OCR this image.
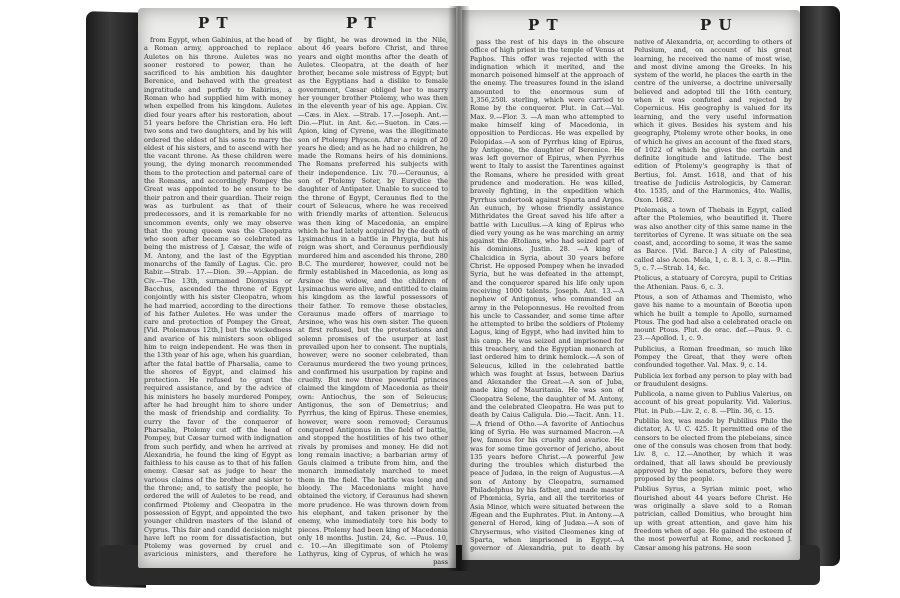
P T	P T

from Egypt, when Gabinius, at the head of a Roman army, approached to replace Auletes on his throne. Auletes was no sooner restored to power, than he sacrificed to his ambition his daughter Berenice, and behaved with the greatest ingratitude and perfidy to Rabirius, a Roman who had supplied him with money when expelled from his kingdom. Auletes died four years after his restoration, about 51 years before the Christian era. He left two sons and two daughters, and by his will ordered the eldest of his sons to marry the eldest of his sisters, and to ascend with her the vacant throne. As these children were young, the dying monarch recommended them to the protection and paternal care of the Romans, and accordingly Pompey the Great was appointed to be ensure to be their patron and their guardian. Their reign was as turbulent as that of their predecessors, and it is remarkable for no uncommon events, only we may observe that the young queen was the Cleopatra who soon after became so celebrated as being the mistress of J. Cæsar, the wife of M. Antony, and the last of the Egyptian monarchs of the family of Lagus. Cic. pro Rabir.—Strab. 17.—Dion. 39.—Appian. de Civ.—The 13th, surnamed Dionysius or Bacchus, ascended the throne of Egypt conjointly with his sister Cleopatra, whom he had married, according to the directions of his father Auletes. He was under the care and protection of Pompey the Great, [Vid. Ptolemæus 12th,] but the wickedness and avarice of his ministers soon obliged him to reign independent. He was then in the 13th year of his age, when his guardian, after the fatal battle of Pharsalia, came to the shores of Egypt, and claimed his protection. He refused to grant the required assistance, and by the advice of his ministers he basely murdered Pompey, after he had brought him to shore under the mask of friendship and cordiality. To curry the favor of the conqueror of Pharsalia, Ptolemy cut off the head of Pompey, but Cæsar turned with indignation from such perfidy, and when he arrived at Alexandria, he found the king of Egypt as faithless to his cause as to that of his fallen enemy. Cæsar sat as judge to hear the various claims of the brother and sister to the throne; and, to satisfy the people, he ordered the will of Auletes to be read, and confirmed Ptolemy and Cleopatra in the possession of Egypt, and appointed the two younger children masters of the island of Cyprus. This fair and candid decision might have left no room for dissatisfaction, but Ptolemy was governed by cruel and avaricious ministers, and therefore he

by flight, he was drowned in the Nile, about 46 years before Christ, and three years and eight months after the death of Auletes. Cleopatra, at the death of her brother, became sole mistress of Egypt; but as the Egyptians had a dislike to female government, Cæsar obliged her to marry her younger brother Ptolemy, who was then in the eleventh year of his age. Appian. Civ.—Cæs. in Alex. —Strab. 17.—Joseph. Ant.—Dio.—Plut. in Ant. &c.—Sueton. in Cæs.—Apion, king of Cyrene, was the illegitimate son of Ptolemy Physcon. After a reign of 20 years he died; and as he had no children, he made the Romans heirs of his dominions. The Romans preferred his subjects with their independence. Liv. 70.—Ceraunus, a son of Ptolemy Soter, by Eurydice the daughter of Antipater. Unable to succeed to the throne of Egypt, Ceraunus fled to the court of Seleucus, where he was received with friendly marks of attention. Seleucus was then king of Macedonia, an empire which he had lately acquired by the death of Lysimachus in a battle in Phrygia, but his reign was short, and Ceraunus perfidiously murdered him and ascended his throne, 280 B.C. The murderer, however, could not be firmly established in Macedonia, as long as Arsinoe the widow, and the children of Lysimachus were alive, and entitled to claim his kingdom as the lawful possessors of their father. To remove these obstacles, Ceraunus made offers of marriage to Arsinoe, who was his own sister. The queen at first refused, but the protestations and solemn promises of the usurper at last prevailed upon her to consent. The nuptials, however, were no sooner celebrated, than Ceraunus murdered the two young princes, and confirmed his usurpation by rapine and cruelty. But now three powerful princes claimed the kingdom of Macedonia as their own: Antiochus, the son of Seleucus; Antigonus, the son of Demetrius; and Pyrrhus, the king of Epirus. These enemies, however, were soon removed; Ceraunus conquered Antigonus in the field of battle, and stopped the hostilities of his two other rivals by promises and money. He did not long remain inactive; a barbarian army of Gauls claimed a tribute from him, and the monarch immediately marched to meet them in the field. The battle was long and bloody. The Macedonians might have obtained the victory, if Ceraunus had shewn more prudence. He was thrown down from his elephant, and taken prisoner by the enemy, who immediately tore his body to pieces. Ptolemy had been king of Macedonia only 18 months. Justin. 24, &c. —Paus. 10, c. 10.—An illegitimate son of Ptolemy Lathyrus, king of Cyprus, of which he was

pass
P T	P U

pass the rest of his days in the obscure office of high priest in the temple of Venus at Paphos. This offer was rejected with the indignation which it merited, and the monarch poisoned himself at the approach of the enemy. The treasures found in the island amounted to the enormous sum of 1,356,250l. sterling, which were carried to Rome by the conqueror. Plut. in Cat.—Val. Max. 9.—Flor. 3. —A man who attempted to make himself king of Macedonia, in opposition to Perdiccas. He was expelled by Pelopidas.—A son of Pyrrhus king of Epirus, by Antigone, the daughter of Berenice. He was left governor of Epirus, when Pyrrhus went to Italy to assist the Tarentines against the Romans, where he presided with great prudence and moderation. He was killed, bravely fighting, in the expedition which Pyrrhus undertook against Sparta and Argos. An eunuch, by whose friendly assistance Mithridates the Great saved his life after a battle with Lucullus.—A king of Epirus who died very young as he was marching an army against the Ætolians, who had seized part of his dominions. Justin. 28. —A king of Chalcidica in Syria, about 30 years before Christ. He opposed Pompey when he invaded Syria, but he was defeated in the attempt, and the conqueror spared his life only upon receiving 1000 talents. Joseph. Ant. 13.—A nephew of Antigonus, who commanded an army in the Peloponnesus. He revolted from his uncle to Cassander, and some time after he attempted to bribe the soldiers of Ptolemy Lagus, king of Egypt, who had invited him to his camp. He was seized and imprisoned for this treachery, and the Egyptian monarch at last ordered him to drink hemlock.—A son of Seleucus, killed in the celebrated battle which was fought at Issus, between Darius and Alexander the Great.—A son of Juba, made king of Mauritania. He was son of Cleopatra Selene, the daughter of M. Antony, and the celebrated Cleopatra. He was put to death by Caius Caligula. Dio.—Tacit. Ann. 11. —A friend of Otho.—A favorite of Antiochus king of Syria. He was surnamed Macron.—A Jew, famous for his cruelty and avarice. He was for some time governor of Jericho, about 135 years before Christ.—A powerful Jew during the troubles which disturbed the peace of Judæa, in the reign of Augustus.—A son of Antony by Cleopatra, surnamed Philadelphus by his father, and made master of Phœnicia, Syria, and all the territories of Asia Minor, which were situated between the Ægean and the Euphrates. Plut. in Antony.—A general of Herod, king of Judæa.—A son of Chrysermus, who visited Cleomenes king of Sparta, when imprisoned in Egypt.—A governor of Alexandria, put to death by

native of Alexandria, or, according to others of Pelusium, and, on account of his great learning, he received the name of most wise, and most divine among the Greeks. In his system of the world, he places the earth in the centre of the universe, a doctrine universally believed and adopted till the 16th century, when it was confuted and rejected by Copernicus. His geography is valued for its learning, and the very useful information which it gives. Besides his system and his geography, Ptolemy wrote other books, in one of which he gives an account of the fixed stars, of 1022 of which he gives the certain and definite longitude and latitude. The best edition of Ptolemy's geography is that of Bertius, fol. Amst. 1618, and that of his treatise de Judiciis Astrologicis, by Camerar. 4to. 1535, and of the Harmonics, 4to. Wallis, Oxon. 1682.

Ptolemais, a town of Thebais in Egypt, called after the Ptolemies, who beautified it. There was also another city of this same name in the territories of Cyrene. It was situate on the sea coast, and, according to some, it was the same as Barce. [Vid. Barce.] A city of Palestine, called also Acon. Mela, 1, c. 8. l. 3, c. 8.—Plin. 5, c. 7.—Strab. 14, &c.

Ptolicus, a statuary of Corcyra, pupil to Critias the Athenian. Paus. 6, c. 3.

Ptous, a son of Athamas and Themisto, who gave his name to a mountain of Bœotia upon which he built a temple to Apollo, surnamed Ptous. The god had also a celebrated oracle on mount Ptous. Plut. de orac. def.—Paus. 9. c. 23.—Apollod. 1, c. 9.

Publicius, a Roman freedman, so much like Pompey the Great, that they were often confounded together. Val. Max. 9, c. 14.

Publicia lex forbad any person to play with bad or fraudulent designs.

Publicola, a name given to Publius Valerius, on account of his great popularity. Vid. Valerius. Plut. in Pub.—Liv. 2, c. 8. —Plin. 36, c. 15.

Publilia lex, was made by Publilius Philo the dictator, A. U. C. 425. It permitted one of the censors to be elected from the plebeians, since one of the consuls was chosen from that body. Liv. 8, c. 12.—Another, by which it was ordained, that all laws should be previously approved by the senators, before they were proposed by the people.

Publius Syrus, a Syrian mimic poet, who flourished about 44 years before Christ. He was originally a slave sold to a Roman patrician, called Domitius, who brought him up with great attention, and gave him his freedom when of age. He gained the esteem of the most powerful at Rome, and reckoned J. Cæsar among his patrons. He soon
